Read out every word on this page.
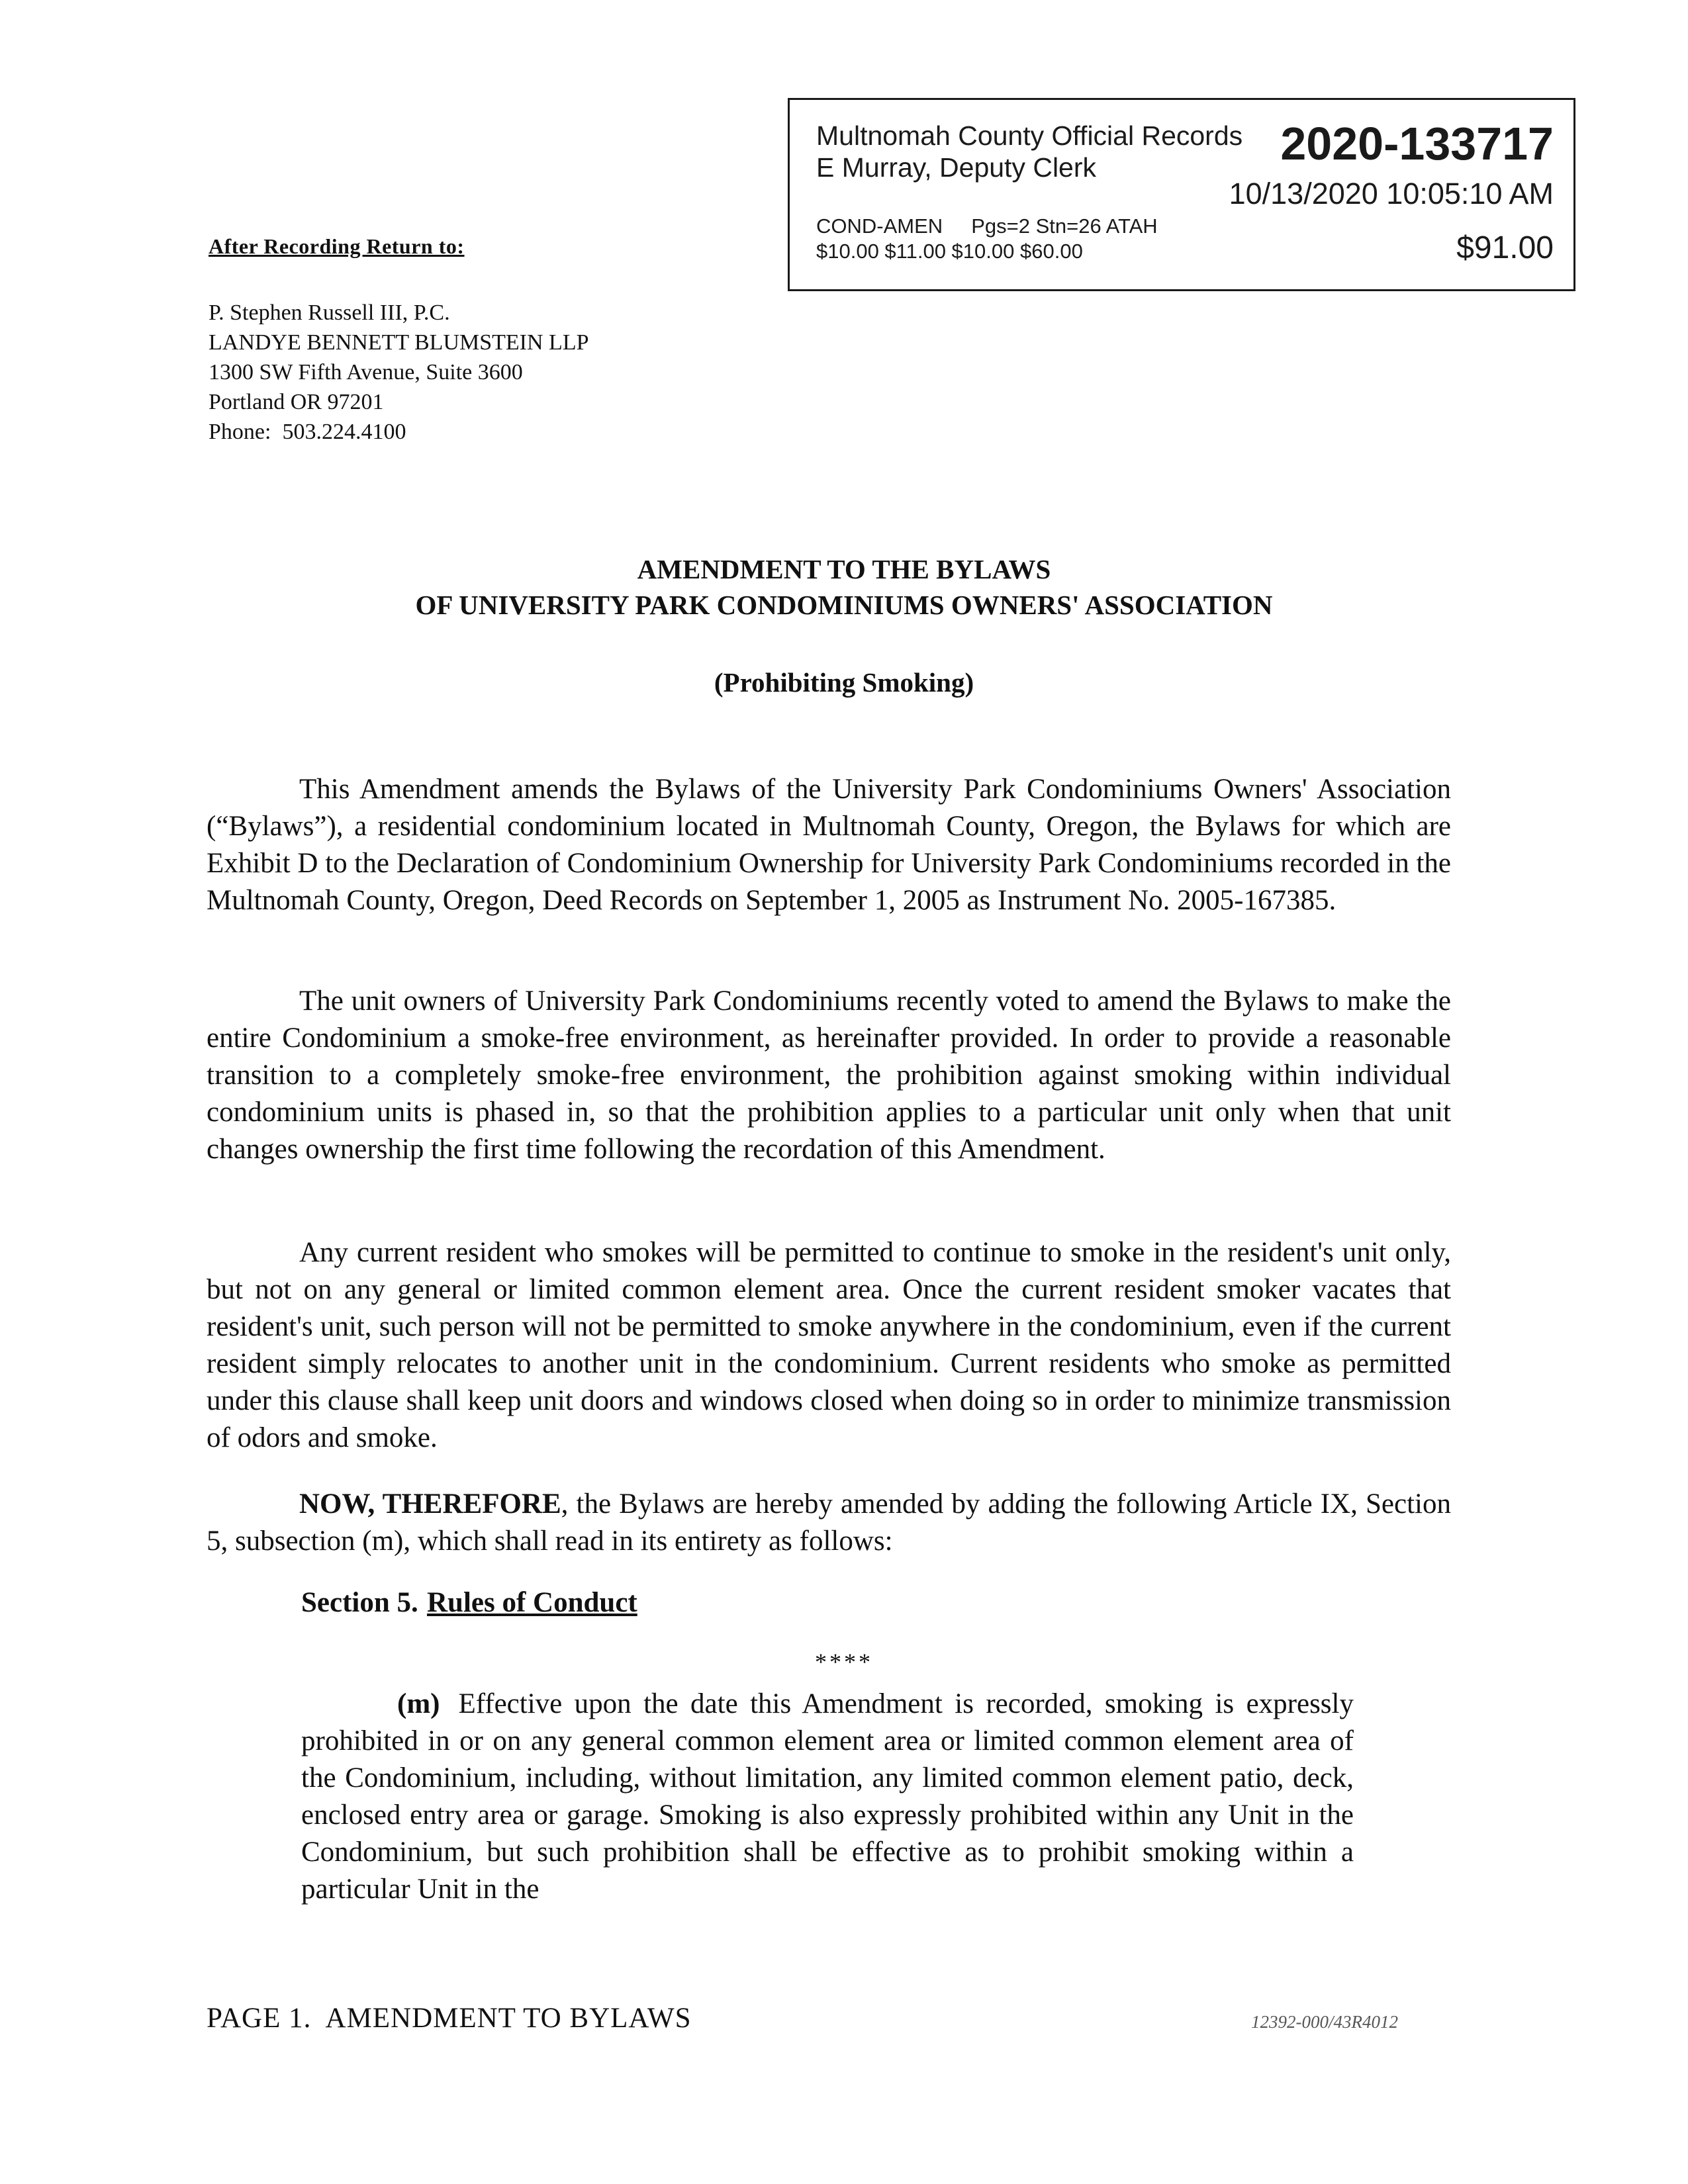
Multnomah County Official Records
E Murray, Deputy Clerk	2020-133717
10/13/2020 10:05:10 AM
COND-AMEN     Pgs=2 Stn=26 ATAH
$10.00 $11.00 $10.00 $60.00	$91.00
After Recording Return to:
P. Stephen Russell III, P.C.
LANDYE BENNETT BLUMSTEIN LLP
1300 SW Fifth Avenue, Suite 3600
Portland OR 97201
Phone:  503.224.4100
AMENDMENT TO THE BYLAWS
OF UNIVERSITY PARK CONDOMINIUMS OWNERS' ASSOCIATION
(Prohibiting Smoking)
This Amendment amends the Bylaws of the University Park Condominiums Owners' Association (“Bylaws”), a residential condominium located in Multnomah County, Oregon, the Bylaws for which are Exhibit D to the Declaration of Condominium Ownership for University Park Condominiums recorded in the Multnomah County, Oregon, Deed Records on September 1, 2005 as Instrument No. 2005-167385.
The unit owners of University Park Condominiums recently voted to amend the Bylaws to make the entire Condominium a smoke-free environment, as hereinafter provided. In order to provide a reasonable transition to a completely smoke-free environment, the prohibition against smoking within individual condominium units is phased in, so that the prohibition applies to a particular unit only when that unit changes ownership the first time following the recordation of this Amendment.
Any current resident who smokes will be permitted to continue to smoke in the resident's unit only, but not on any general or limited common element area. Once the current resident smoker vacates that resident's unit, such person will not be permitted to smoke anywhere in the condominium, even if the current resident simply relocates to another unit in the condominium. Current residents who smoke as permitted under this clause shall keep unit doors and windows closed when doing so in order to minimize transmission of odors and smoke.
NOW, THEREFORE, the Bylaws are hereby amended by adding the following Article IX, Section 5, subsection (m), which shall read in its entirety as follows:
Section 5. Rules of Conduct
****
(m) Effective upon the date this Amendment is recorded, smoking is expressly prohibited in or on any general common element area or limited common element area of the Condominium, including, without limitation, any limited common element patio, deck, enclosed entry area or garage. Smoking is also expressly prohibited within any Unit in the Condominium, but such prohibition shall be effective as to prohibit smoking within a particular Unit in the
PAGE 1.  AMENDMENT TO BYLAWS	12392-000/43R4012
